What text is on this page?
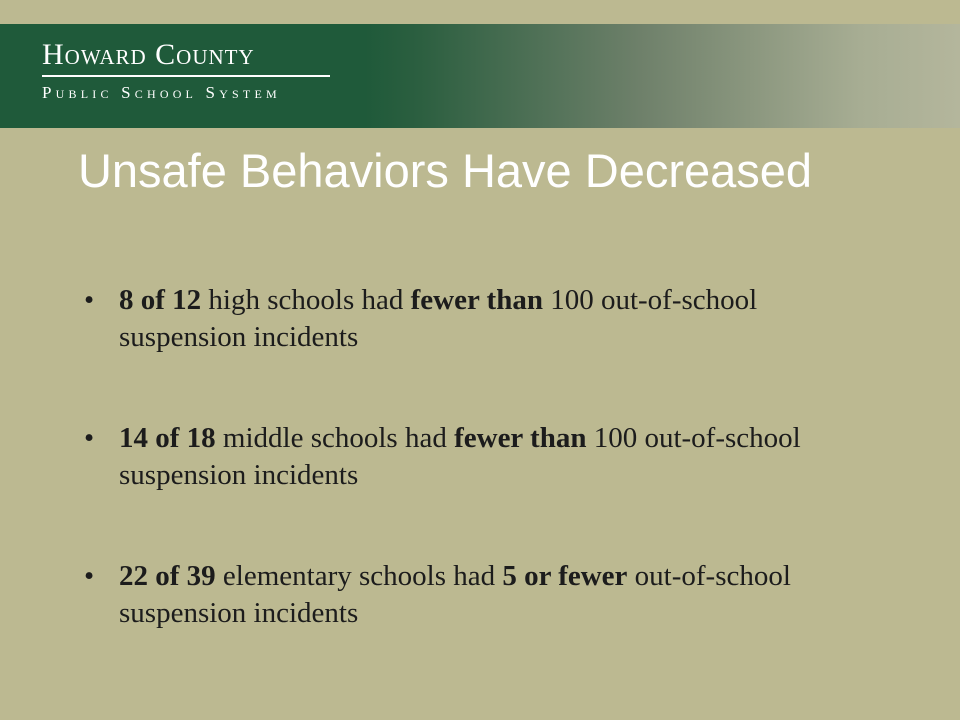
Howard County
Public School System
Unsafe Behaviors Have Decreased
• 8 of 12 high schools had fewer than 100 out-of-school suspension incidents
• 14 of 18 middle schools had fewer than 100 out-of-school suspension incidents
• 22 of 39 elementary schools had 5 or fewer out-of-school suspension incidents
